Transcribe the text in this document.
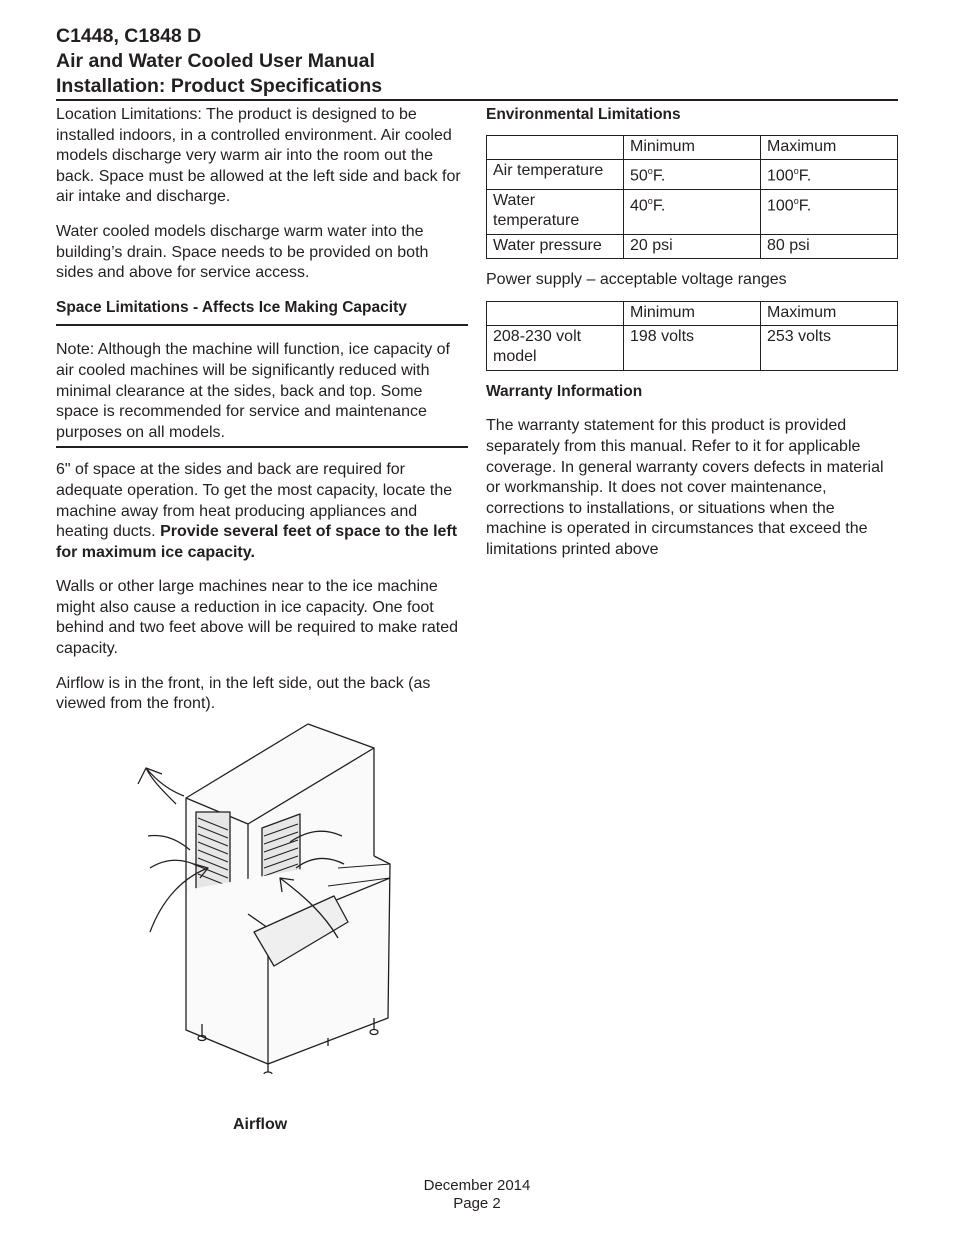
C1448, C1848 D
Air and Water Cooled User Manual
Installation: Product Specifications

Location Limitations: The product is designed to be installed indoors, in a controlled environment. Air cooled models discharge very warm air into the room out the back. Space must be allowed at the left side and back for air intake and discharge.

Water cooled models discharge warm water into the building’s drain. Space needs to be provided on both sides and above for service access.

Space Limitations - Affects Ice Making Capacity

Note: Although the machine will function, ice capacity of air cooled machines will be significantly reduced with minimal clearance at the sides, back and top. Some space is recommended for service and maintenance purposes on all models.

6" of space at the sides and back are required for adequate operation. To get the most capacity, locate the machine away from heat producing appliances and heating ducts. Provide several feet of space to the left for maximum ice capacity.

Walls or other large machines near to the ice machine might also cause a reduction in ice capacity. One foot behind and two feet above will be required to make rated capacity.

Airflow is in the front, in the left side, out the back (as viewed from the front).

Airflow
Environmental Limitations
	Minimum	Maximum
Air temperature	50$^o$F.	100$^o$F.
Water temperature	40$^o$F.	100$^o$F.
Water pressure	20 psi	80 psi

Power supply – acceptable voltage ranges

	Minimum	Maximum
208-230 volt model	198 volts	253 volts
Warranty Information

The warranty statement for this product is provided separately from this manual. Refer to it for applicable coverage. In general warranty covers defects in material or workmanship. It does not cover maintenance, corrections to installations, or situations when the machine is operated in circumstances that exceed the limitations printed above

December 2014
Page 2
